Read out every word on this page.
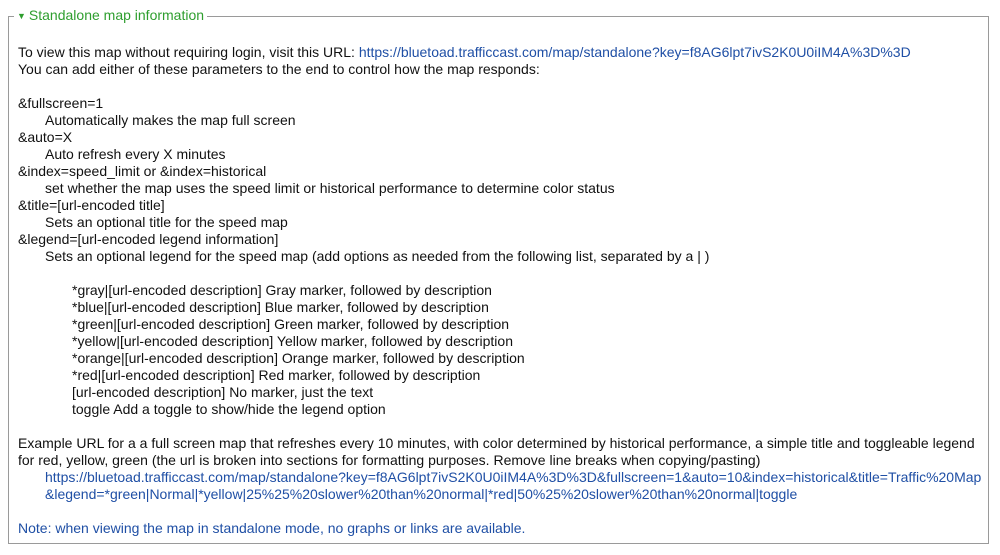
▼ Standalone map information
To view this map without requiring login, visit this URL: https://bluetoad.trafficcast.com/map/standalone?key=f8AG6lpt7ivS2K0U0iIM4A%3D%3D
You can add either of these parameters to the end to control how the map responds:
&fullscreen=1
Automatically makes the map full screen
&auto=X
Auto refresh every X minutes
&index=speed_limit or &index=historical
set whether the map uses the speed limit or historical performance to determine color status
&title=[url-encoded title]
Sets an optional title for the speed map
&legend=[url-encoded legend information]
Sets an optional legend for the speed map (add options as needed from the following list, separated by a | )
*gray|[url-encoded description] Gray marker, followed by description
*blue|[url-encoded description] Blue marker, followed by description
*green|[url-encoded description] Green marker, followed by description
*yellow|[url-encoded description] Yellow marker, followed by description
*orange|[url-encoded description] Orange marker, followed by description
*red|[url-encoded description] Red marker, followed by description
[url-encoded description] No marker, just the text
toggle Add a toggle to show/hide the legend option
Example URL for a a full screen map that refreshes every 10 minutes, with color determined by historical performance, a simple title and toggleable legend for red, yellow, green (the url is broken into sections for formatting purposes. Remove line breaks when copying/pasting)
https://bluetoad.trafficcast.com/map/standalone?key=f8AG6lpt7ivS2K0U0iIM4A%3D%3D&fullscreen=1&auto=10&index=historical&title=Traffic%20Map
&legend=*green|Normal|*yellow|25%25%20slower%20than%20normal|*red|50%25%20slower%20than%20normal|toggle
Note: when viewing the map in standalone mode, no graphs or links are available.
